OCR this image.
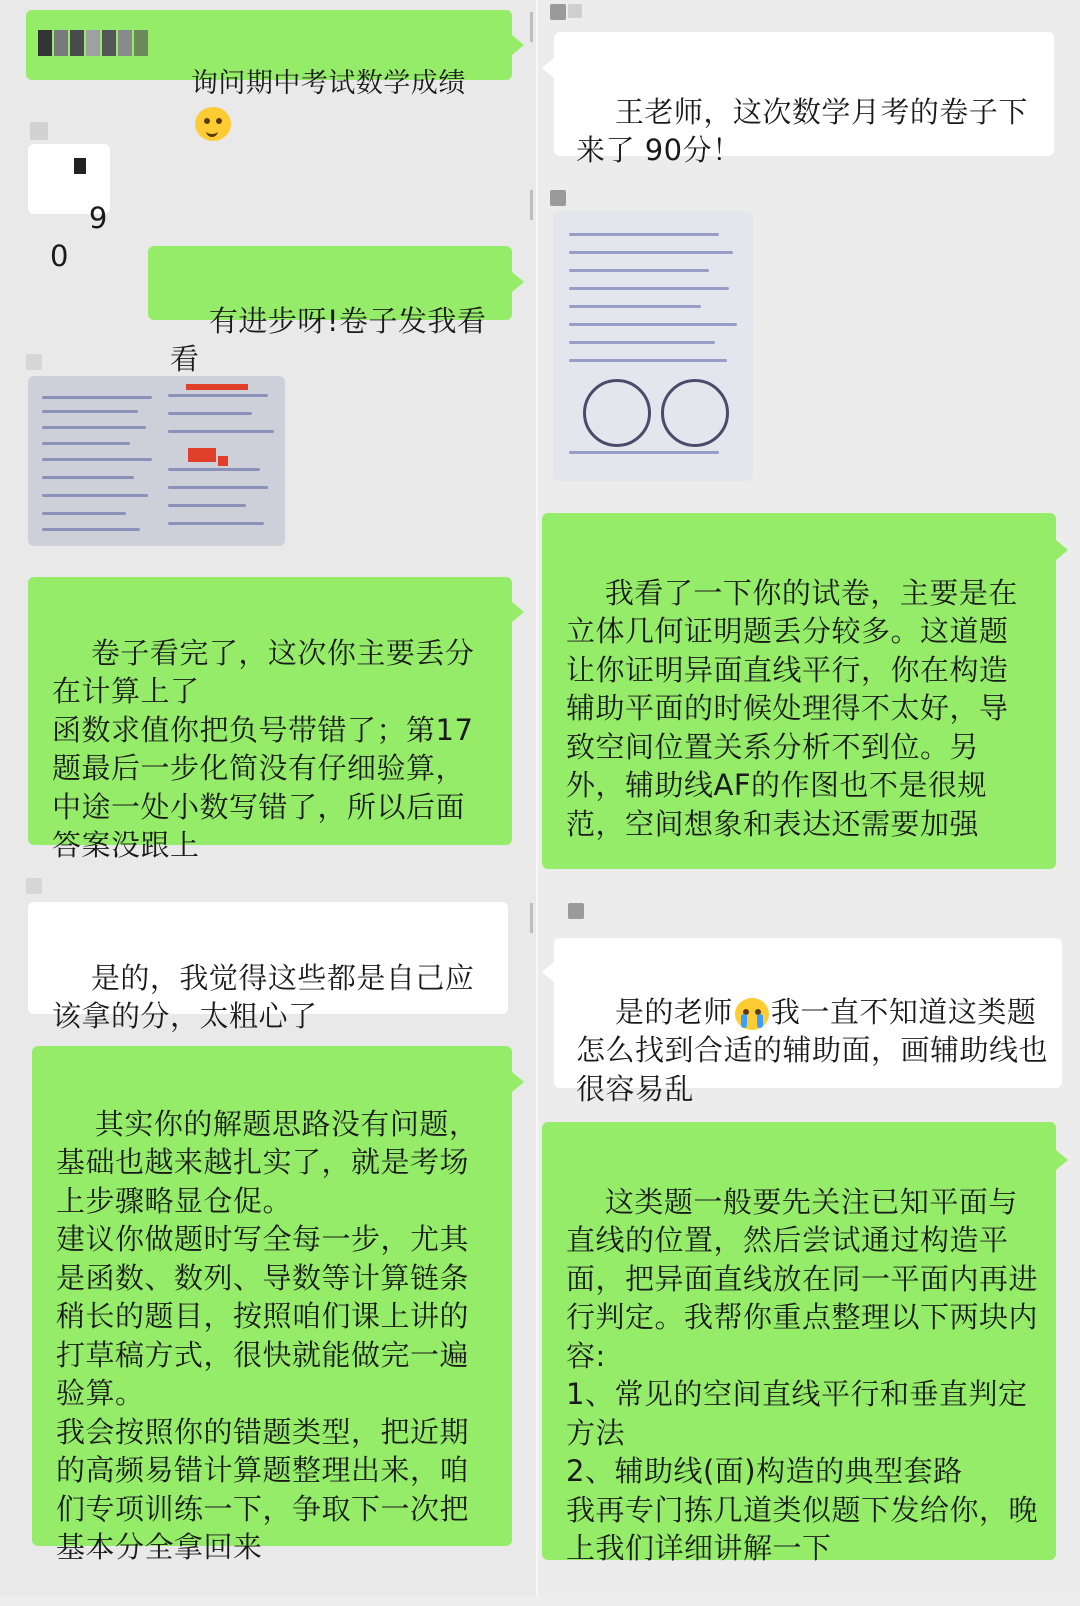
询问期中考试数学成绩

90

有进步呀!卷子发我看看

卷子看完了，这次你主要丢分在计算上了
函数求值你把负号带错了；第17题最后一步化简没有仔细验算，中途一处小数写错了，所以后面答案没跟上

是的，我觉得这些都是自己应该拿的分，太粗心了

其实你的解题思路没有问题，基础也越来越扎实了，就是考场上步骤略显仓促。
建议你做题时写全每一步，尤其是函数、数列、导数等计算链条稍长的题目，按照咱们课上讲的打草稿方式，很快就能做完一遍验算。
我会按照你的错题类型，把近期的高频易错计算题整理出来，咱们专项训练一下，争取下一次把基本分全拿回来

王老师，这次数学月考的卷子下来了 90分！

我看了一下你的试卷，主要是在立体几何证明题丢分较多。这道题让你证明异面直线平行，你在构造辅助平面的时候处理得不太好，导致空间位置关系分析不到位。另外，辅助线AF的作图也不是很规范，空间想象和表达还需要加强

是的老师 我一直不知道这类题怎么找到合适的辅助面，画辅助线也很容易乱

这类题一般要先关注已知平面与直线的位置，然后尝试通过构造平面，把异面直线放在同一平面内再进行判定。我帮你重点整理以下两块内容:
1、常见的空间直线平行和垂直判定方法
2、辅助线(面)构造的典型套路
我再专门拣几道类似题下发给你，晚上我们详细讲解一下
